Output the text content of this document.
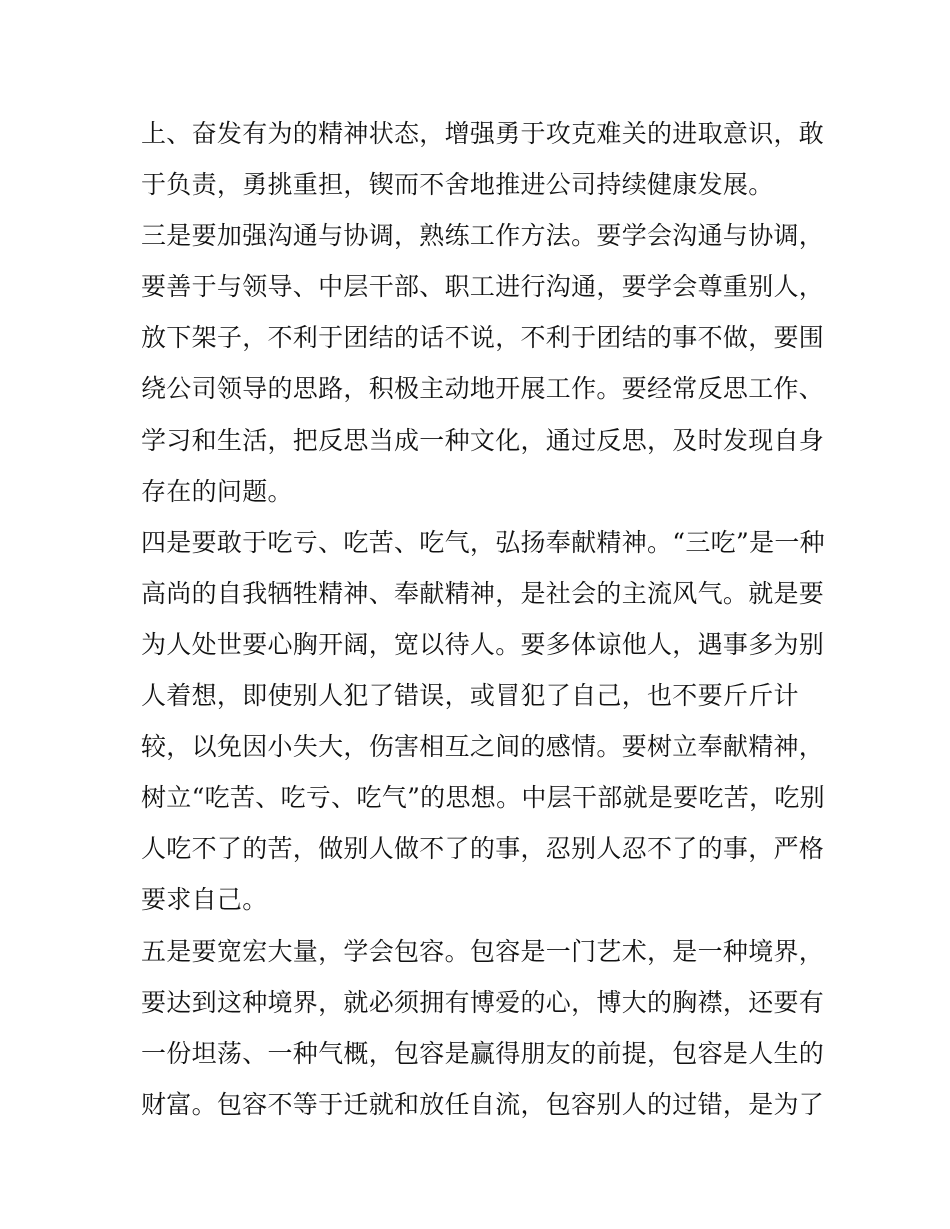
上、奋发有为的精神状态，增强勇于攻克难关的进取意识，敢
于负责，勇挑重担，锲而不舍地推进公司持续健康发展。
三是要加强沟通与协调，熟练工作方法。要学会沟通与协调，
要善于与领导、中层干部、职工进行沟通，要学会尊重别人，
放下架子，不利于团结的话不说，不利于团结的事不做，要围
绕公司领导的思路，积极主动地开展工作。要经常反思工作、
学习和生活，把反思当成一种文化，通过反思，及时发现自身
存在的问题。
四是要敢于吃亏、吃苦、吃气，弘扬奉献精神。“三吃”是一种
高尚的自我牺牲精神、奉献精神，是社会的主流风气。就是要
为人处世要心胸开阔，宽以待人。要多体谅他人，遇事多为别
人着想，即使别人犯了错误，或冒犯了自己，也不要斤斤计
较，以免因小失大，伤害相互之间的感情。要树立奉献精神，
树立“吃苦、吃亏、吃气”的思想。中层干部就是要吃苦，吃别
人吃不了的苦，做别人做不了的事，忍别人忍不了的事，严格
要求自己。
五是要宽宏大量，学会包容。包容是一门艺术，是一种境界，
要达到这种境界，就必须拥有博爱的心，博大的胸襟，还要有
一份坦荡、一种气概，包容是赢得朋友的前提，包容是人生的
财富。包容不等于迁就和放任自流，包容别人的过错，是为了
